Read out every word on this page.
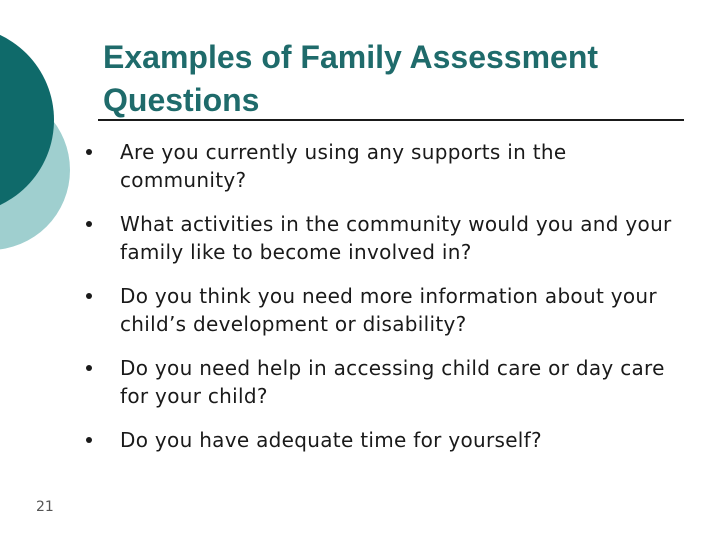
Examples of Family Assessment Questions
Are you currently using any supports in the community?
What activities in the community would you and your family like to become involved in?
Do you think you need more information about your child’s development or disability?
Do you need help in accessing child care or day care for your child?
Do you have adequate time for yourself?
21
